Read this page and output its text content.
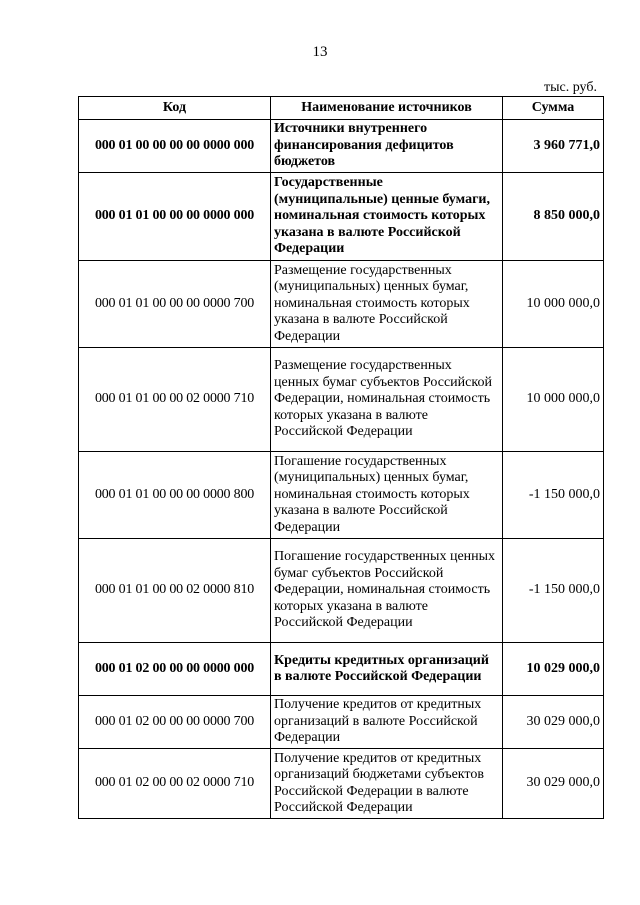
13
тыс. руб.
Код	Наименование источников	Сумма
000 01 00 00 00 00 0000 000	Источники внутреннего финансирования дефицитов бюджетов	3 960 771,0
000 01 01 00 00 00 0000 000	Государственные (муниципальные) ценные бумаги, номинальная стоимость которых указана в валюте Российской Федерации	8 850 000,0
000 01 01 00 00 00 0000 700	Размещение государственных (муниципальных) ценных бумаг, номинальная стоимость которых указана в валюте Российской Федерации	10 000 000,0
000 01 01 00 00 02 0000 710	Размещение государственных ценных бумаг субъектов Российской Федерации, номинальная стоимость которых указана в валюте Российской Федерации	10 000 000,0
000 01 01 00 00 00 0000 800	Погашение государственных (муниципальных) ценных бумаг, номинальная стоимость которых указана в валюте Российской Федерации	-1 150 000,0
000 01 01 00 00 02 0000 810	Погашение государственных ценных бумаг субъектов Российской Федерации, номинальная стоимость которых указана в валюте Российской Федерации	-1 150 000,0
000 01 02 00 00 00 0000 000	Кредиты кредитных организаций в валюте Российской Федерации	10 029 000,0
000 01 02 00 00 00 0000 700	Получение кредитов от кредитных организаций в валюте Российской Федерации	30 029 000,0
000 01 02 00 00 02 0000 710	Получение кредитов от кредитных организаций бюджетами субъектов Российской Федерации в валюте Российской Федерации	30 029 000,0
